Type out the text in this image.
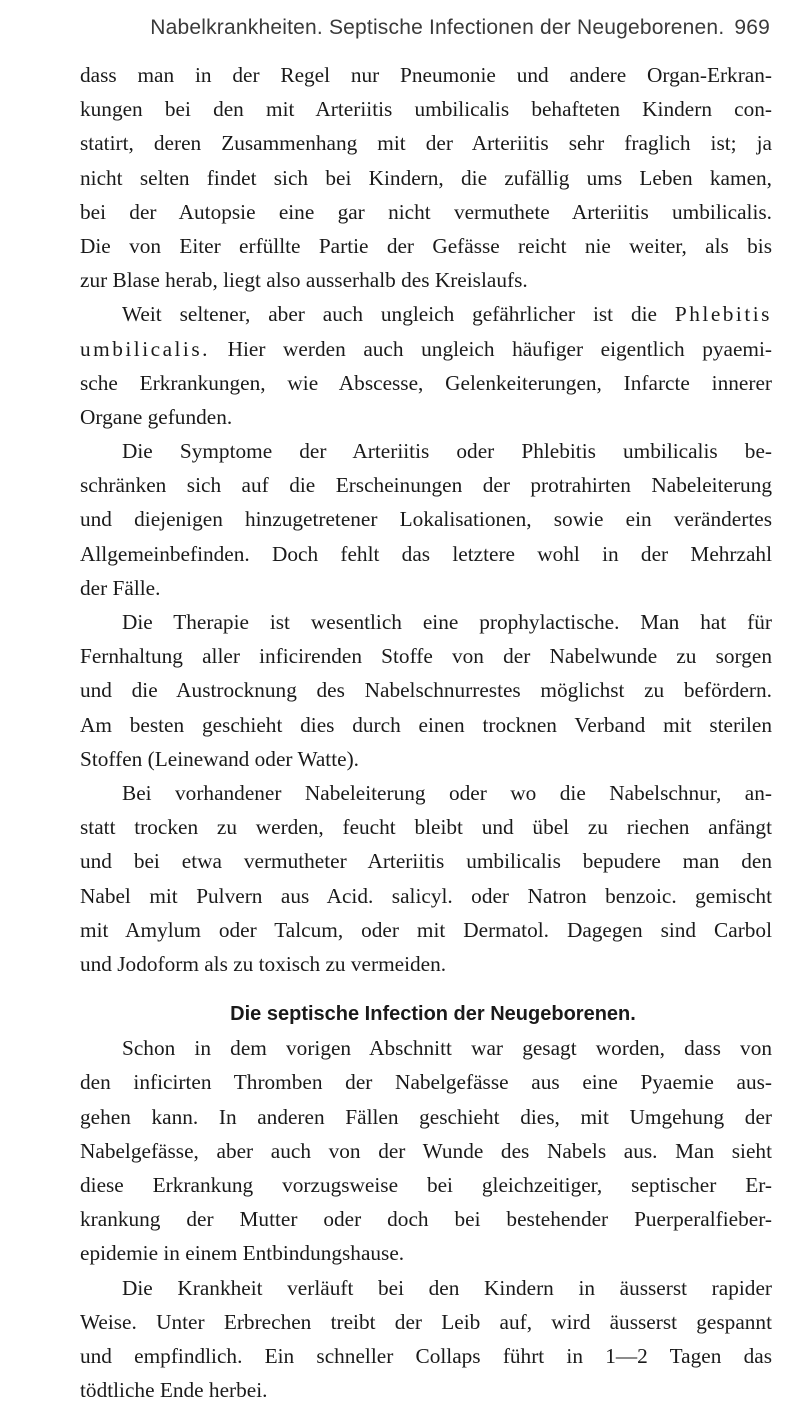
Nabelkrankheiten. Septische Infectionen der Neugeborenen. 969
dass man in der Regel nur Pneumonie und andere Organ-Erkran-
kungen bei den mit Arteriitis umbilicalis behafteten Kindern con-
statirt, deren Zusammenhang mit der Arteriitis sehr fraglich ist; ja
nicht selten findet sich bei Kindern, die zufällig ums Leben kamen,
bei der Autopsie eine gar nicht vermuthete Arteriitis umbilicalis.
Die von Eiter erfüllte Partie der Gefässe reicht nie weiter, als bis
zur Blase herab, liegt also ausserhalb des Kreislaufs.
Weit seltener, aber auch ungleich gefährlicher ist die Phlebitis
umbilicalis. Hier werden auch ungleich häufiger eigentlich pyaemi-
sche Erkrankungen, wie Abscesse, Gelenkeiterungen, Infarcte innerer
Organe gefunden.
Die Symptome der Arteriitis oder Phlebitis umbilicalis be-
schränken sich auf die Erscheinungen der protrahirten Nabeleiterung
und diejenigen hinzugetretener Lokalisationen, sowie ein verändertes
Allgemeinbefinden. Doch fehlt das letztere wohl in der Mehrzahl
der Fälle.
Die Therapie ist wesentlich eine prophylactische. Man hat für
Fernhaltung aller inficirenden Stoffe von der Nabelwunde zu sorgen
und die Austrocknung des Nabelschnurrestes möglichst zu befördern.
Am besten geschieht dies durch einen trocknen Verband mit sterilen
Stoffen (Leinewand oder Watte).
Bei vorhandener Nabeleiterung oder wo die Nabelschnur, an-
statt trocken zu werden, feucht bleibt und übel zu riechen anfängt
und bei etwa vermutheter Arteriitis umbilicalis bepudere man den
Nabel mit Pulvern aus Acid. salicyl. oder Natron benzoic. gemischt
mit Amylum oder Talcum, oder mit Dermatol. Dagegen sind Carbol
und Jodoform als zu toxisch zu vermeiden.
Die septische Infection der Neugeborenen.
Schon in dem vorigen Abschnitt war gesagt worden, dass von
den inficirten Thromben der Nabelgefässe aus eine Pyaemie aus-
gehen kann. In anderen Fällen geschieht dies, mit Umgehung der
Nabelgefässe, aber auch von der Wunde des Nabels aus. Man sieht
diese Erkrankung vorzugsweise bei gleichzeitiger, septischer Er-
krankung der Mutter oder doch bei bestehender Puerperalfieber-
epidemie in einem Entbindungshause.
Die Krankheit verläuft bei den Kindern in äusserst rapider
Weise. Unter Erbrechen treibt der Leib auf, wird äusserst gespannt
und empfindlich. Ein schneller Collaps führt in 1—2 Tagen das
tödtliche Ende herbei.
